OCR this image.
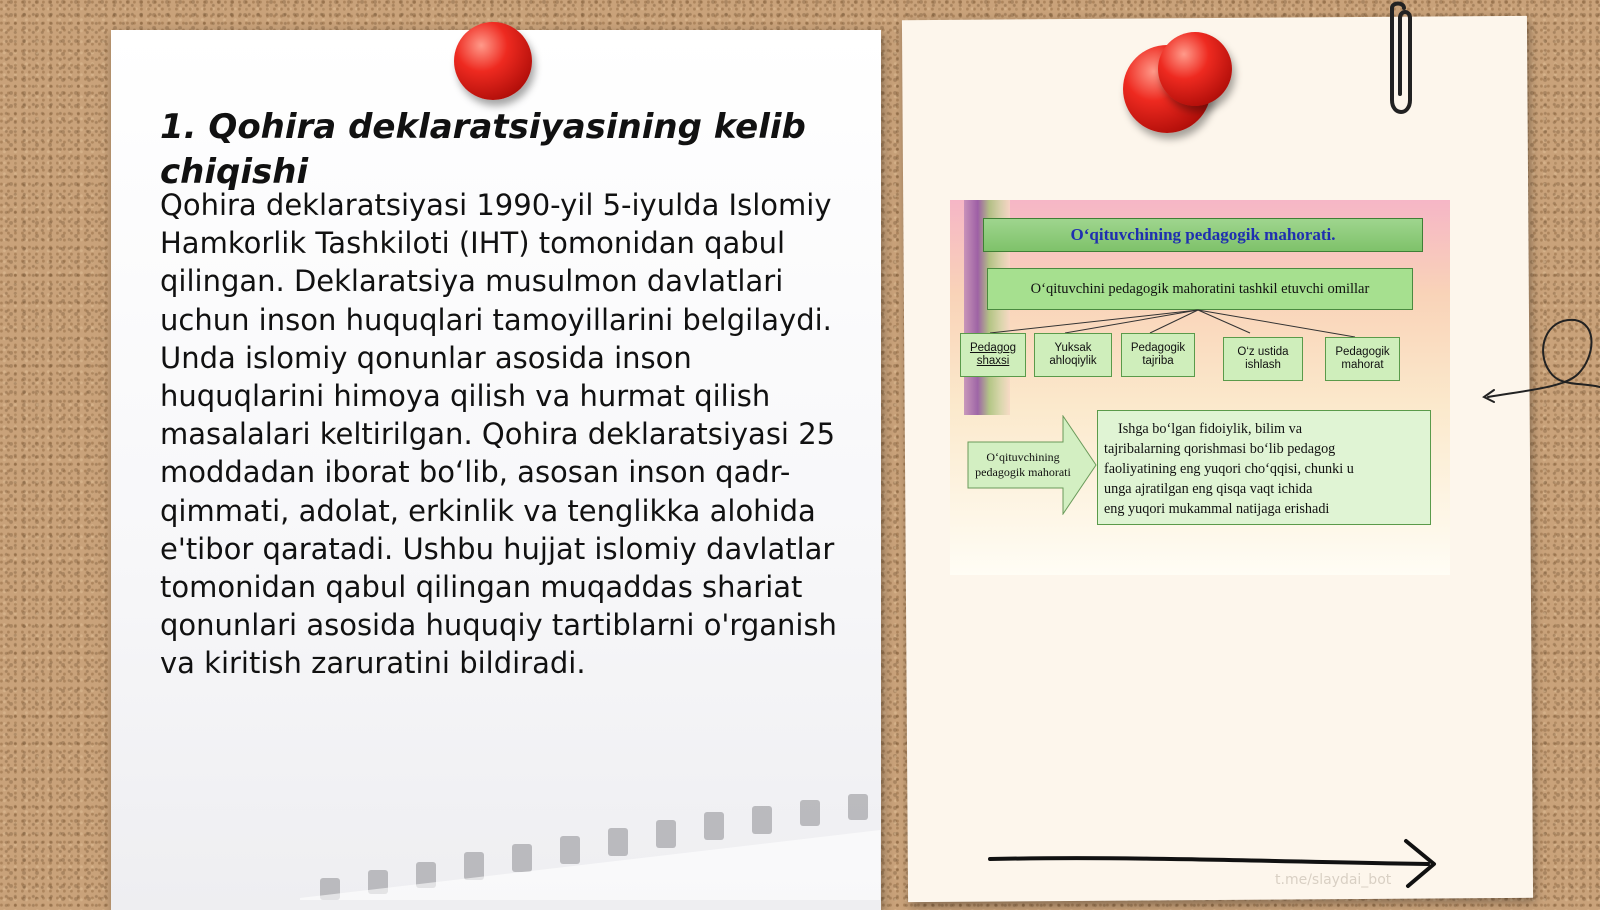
1. Qohira deklaratsiyasining kelib chiqishi
Qohira deklaratsiyasi 1990-yil 5-iyulda Islomiy Hamkorlik Tashkiloti (IHT) tomonidan qabul qilingan. Deklaratsiya musulmon davlatlari uchun inson huquqlari tamoyillarini belgilaydi. Unda islomiy qonunlar asosida inson huquqlarini himoya qilish va hurmat qilish masalalari keltirilgan. Qohira deklaratsiyasi 25 moddadan iborat bo‘lib, asosan inson qadr-qimmati, adolat, erkinlik va tenglikka alohida e'tibor qaratadi. Ushbu hujjat islomiy davlatlar tomonidan qabul qilingan muqaddas shariat qonunlari asosida huquqiy tartiblarni o'rganish va kiritish zaruratini bildiradi.
O‘qituvchining pedagogik mahorati.
O‘qituvchini pedagogik mahoratini tashkil etuvchi omillar
Pedagog
shaxsi
Yuksak
ahloqiylik
Pedagogik
tajriba
O‘z ustida
ishlash
Pedagogik
mahorat
O‘qituvchining
pedagogik mahorati
Ishga bo‘lgan fidoiylik, bilim va
tajribalarning qorishmasi bo‘lib pedagog
faoliyatining eng yuqori cho‘qqisi, chunki u
unga ajratilgan eng qisqa vaqt ichida
eng yuqori mukammal natijaga erishadi
t.me/slaydai_bot
